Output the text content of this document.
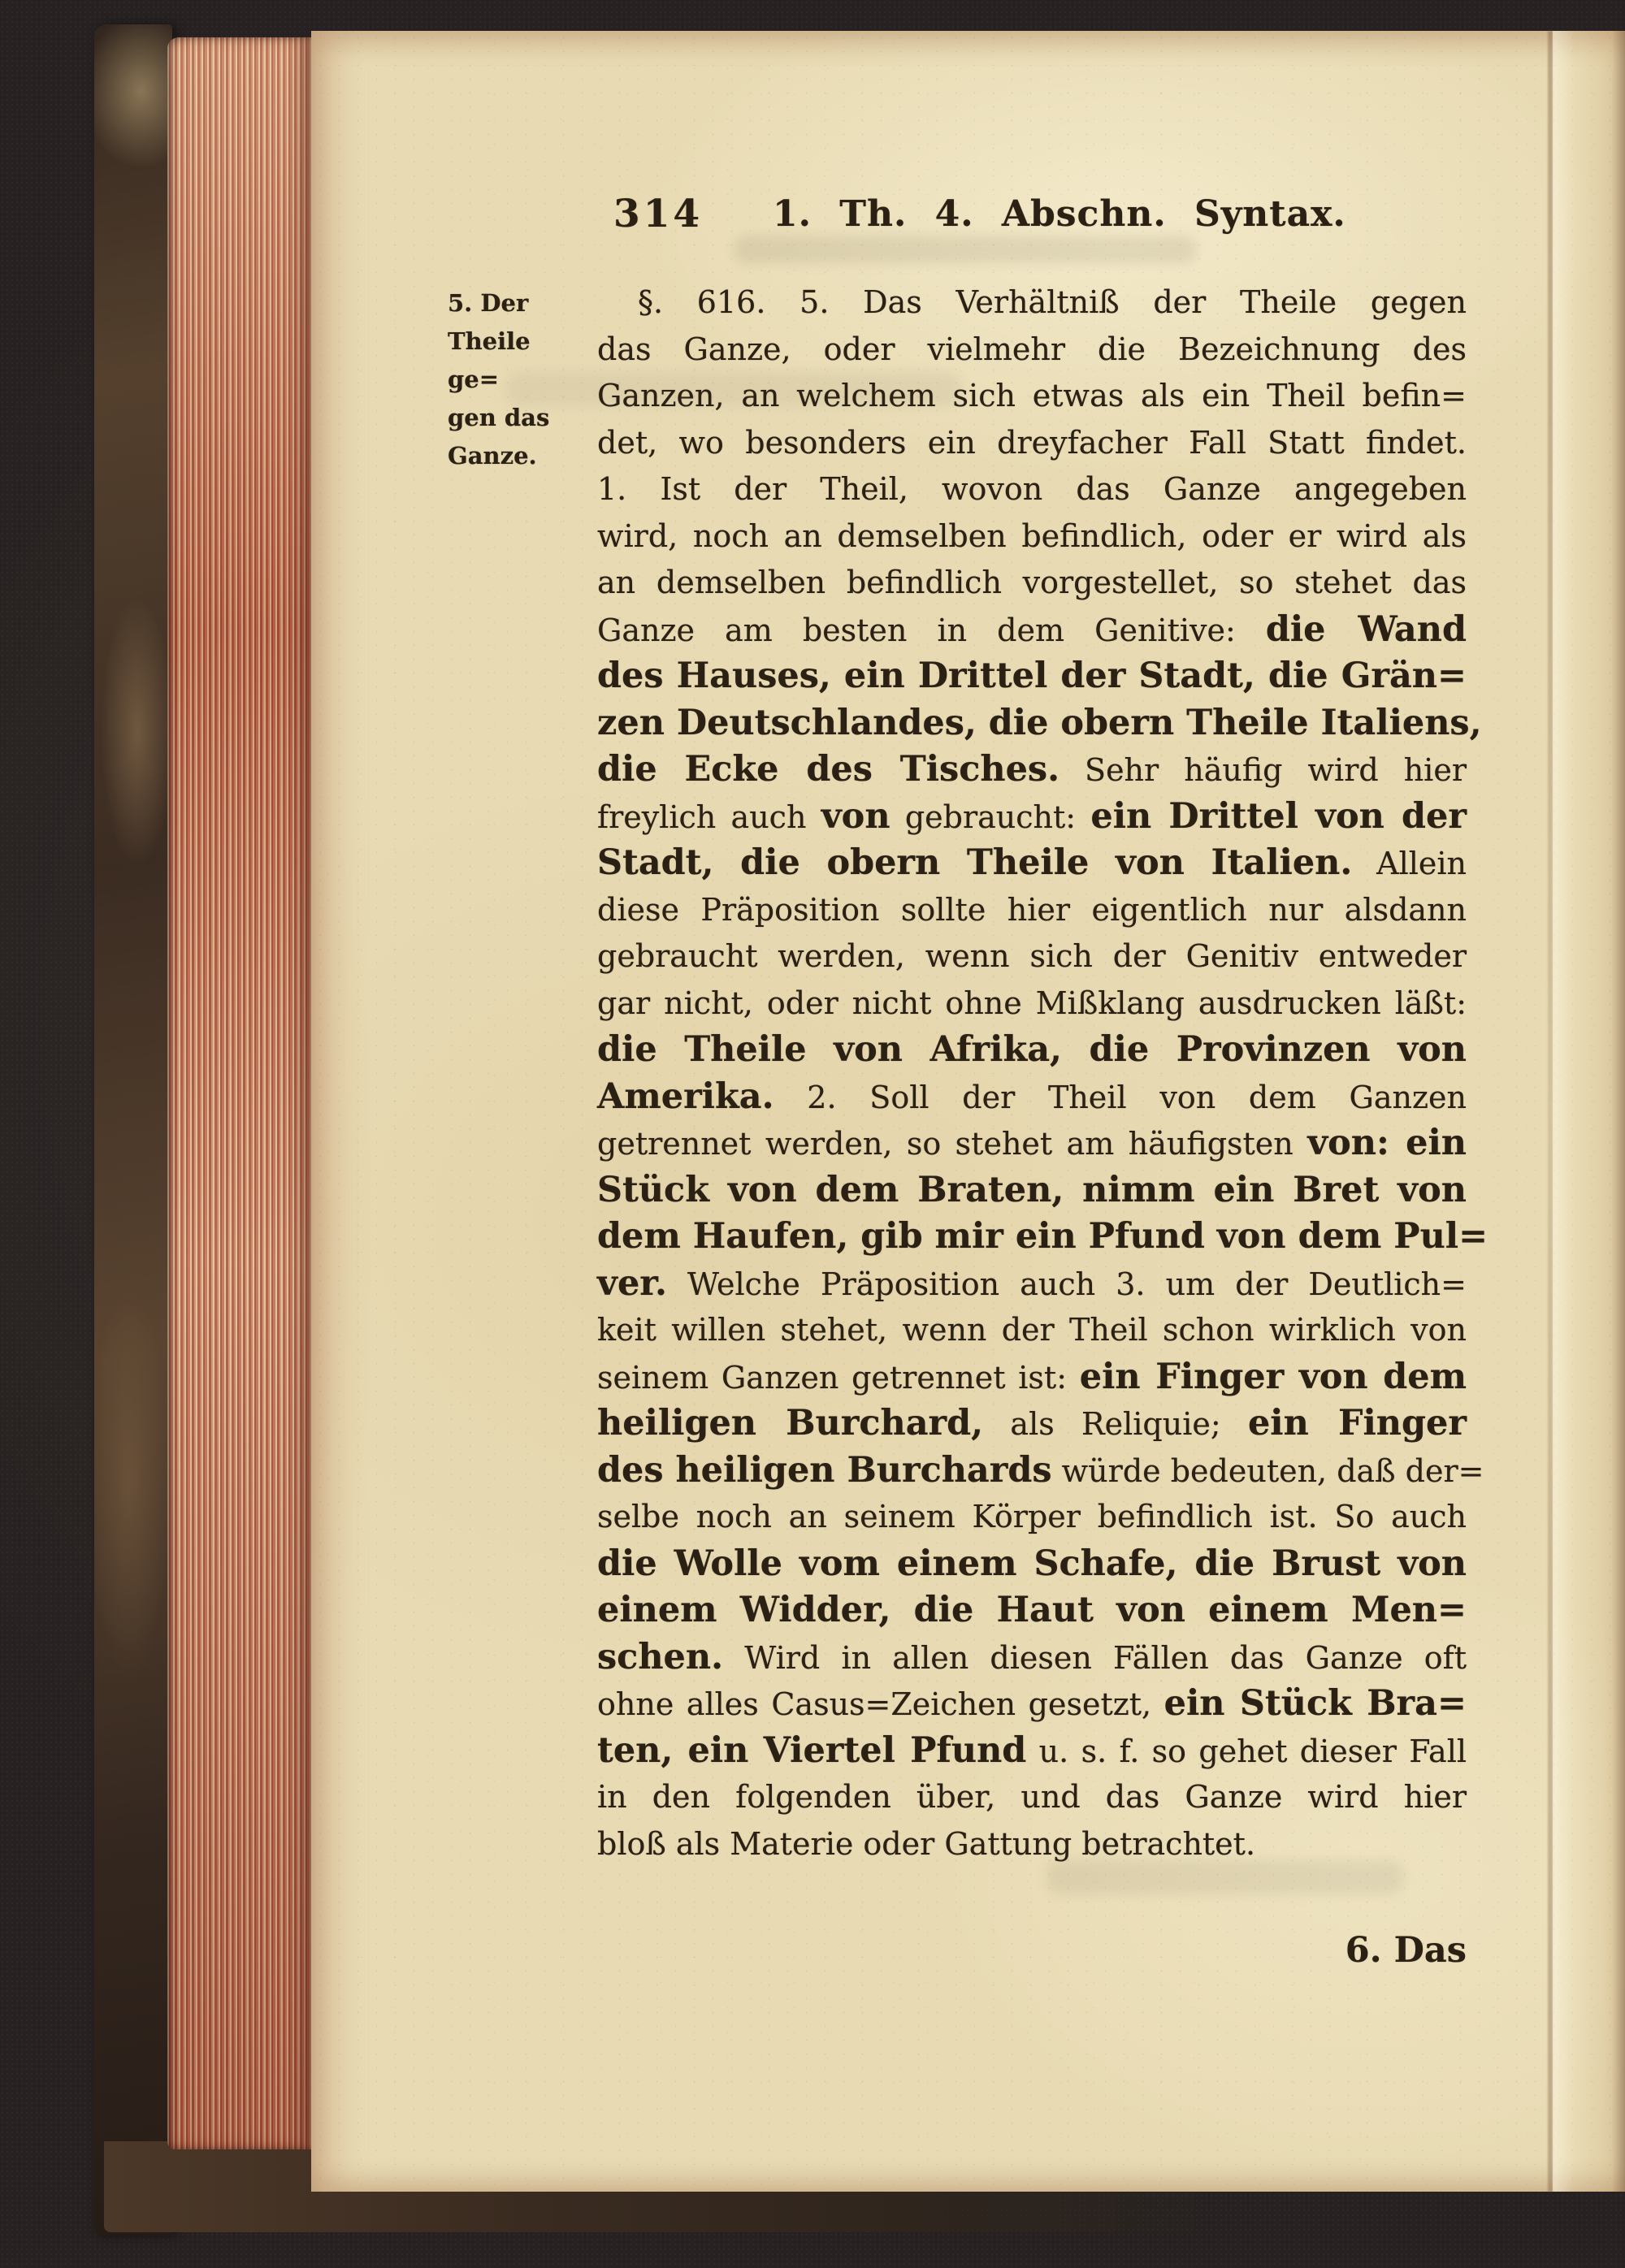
314 1. Th. 4. Abschn. Syntax.
5. Der
Theile ge=
gen das
Ganze.
§. 616. 5. Das Verhältniß der Theile gegen
das Ganze, oder vielmehr die Bezeichnung des
Ganzen, an welchem sich etwas als ein Theil befin=
det, wo besonders ein dreyfacher Fall Statt findet.
1. Ist der Theil, wovon das Ganze angegeben
wird, noch an demselben befindlich, oder er wird als
an demselben befindlich vorgestellet, so stehet das
Ganze am besten in dem Genitive: die Wand
des Hauses, ein Drittel der Stadt, die Grän=
zen Deutschlandes, die obern Theile Italiens,
die Ecke des Tisches. Sehr häufig wird hier
freylich auch von gebraucht: ein Drittel von der
Stadt, die obern Theile von Italien. Allein
diese Präposition sollte hier eigentlich nur alsdann
gebraucht werden, wenn sich der Genitiv entweder
gar nicht, oder nicht ohne Mißklang ausdrucken läßt:
die Theile von Afrika, die Provinzen von
Amerika. 2. Soll der Theil von dem Ganzen
getrennet werden, so stehet am häufigsten von: ein
Stück von dem Braten, nimm ein Bret von
dem Haufen, gib mir ein Pfund von dem Pul=
ver. Welche Präposition auch 3. um der Deutlich=
keit willen stehet, wenn der Theil schon wirklich von
seinem Ganzen getrennet ist: ein Finger von dem
heiligen Burchard, als Reliquie; ein Finger
des heiligen Burchards würde bedeuten, daß der=
selbe noch an seinem Körper befindlich ist. So auch
die Wolle vom einem Schafe, die Brust von
einem Widder, die Haut von einem Men=
schen. Wird in allen diesen Fällen das Ganze oft
ohne alles Casus=Zeichen gesetzt, ein Stück Bra=
ten, ein Viertel Pfund u. s. f. so gehet dieser Fall
in den folgenden über, und das Ganze wird hier
bloß als Materie oder Gattung betrachtet.
6. Das
